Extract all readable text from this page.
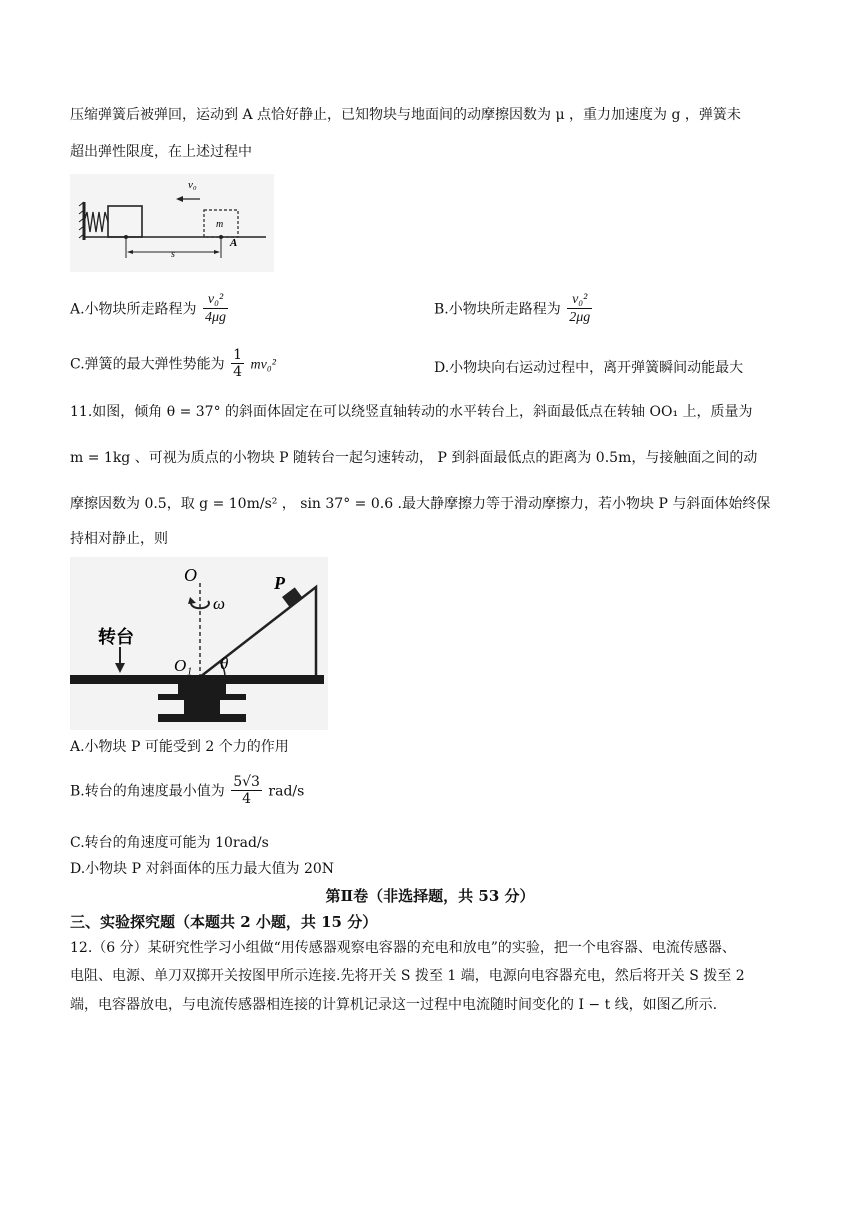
压缩弹簧后被弹回，运动到 A 点恰好静止，已知物块与地面间的动摩擦因数为 μ ，重力加速度为 g ，弹簧未
超出弹性限度，在上述过程中
v₀
m
A
s
A.小物块所走路程为 $\frac{\text{v₀²}}{4\mu g}$	B.小物块所走路程为 $\frac{\text{v₀²}}{2\mu g}$
C.弹簧的最大弹性势能为 $\frac{1}{4} mv_0^2$	D.小物块向右运动过程中，离开弹簧瞬间动能最大
11.如图，倾角 θ = 37° 的斜面体固定在可以绕竖直轴转动的水平转台上，斜面最低点在转轴 OO₁ 上，质量为
m = 1kg 、可视为质点的小物块 P 随转台一起匀速转动， P 到斜面最低点的距离为 0.5m，与接触面之间的动
摩擦因数为 0.5，取 g = 10m/s² ， sin 37° = 0.6 .最大静摩擦力等于滑动摩擦力，若小物块 P 与斜面体始终保
持相对静止，则
O
ω
P
转台
O₁ θ
A.小物块 P 可能受到 2 个力的作用
B.转台的角速度最小值为 $\frac{5√3}{4} rad/s$
C.转台的角速度可能为 10rad/s
D.小物块 P 对斜面体的压力最大值为 20N
第Ⅱ卷（非选择题，共 53 分）
三、实验探究题（本题共 2 小题，共 15 分）
12.（6 分）某研究性学习小组做“用传感器观察电容器的充电和放电”的实验，把一个电容器、电流传感器、
电阻、电源、单刀双掷开关按图甲所示连接.先将开关 S 拨至 1 端，电源向电容器充电，然后将开关 S 拨至 2
端，电容器放电，与电流传感器相连接的计算机记录这一过程中电流随时间变化的 I − t 线，如图乙所示.
